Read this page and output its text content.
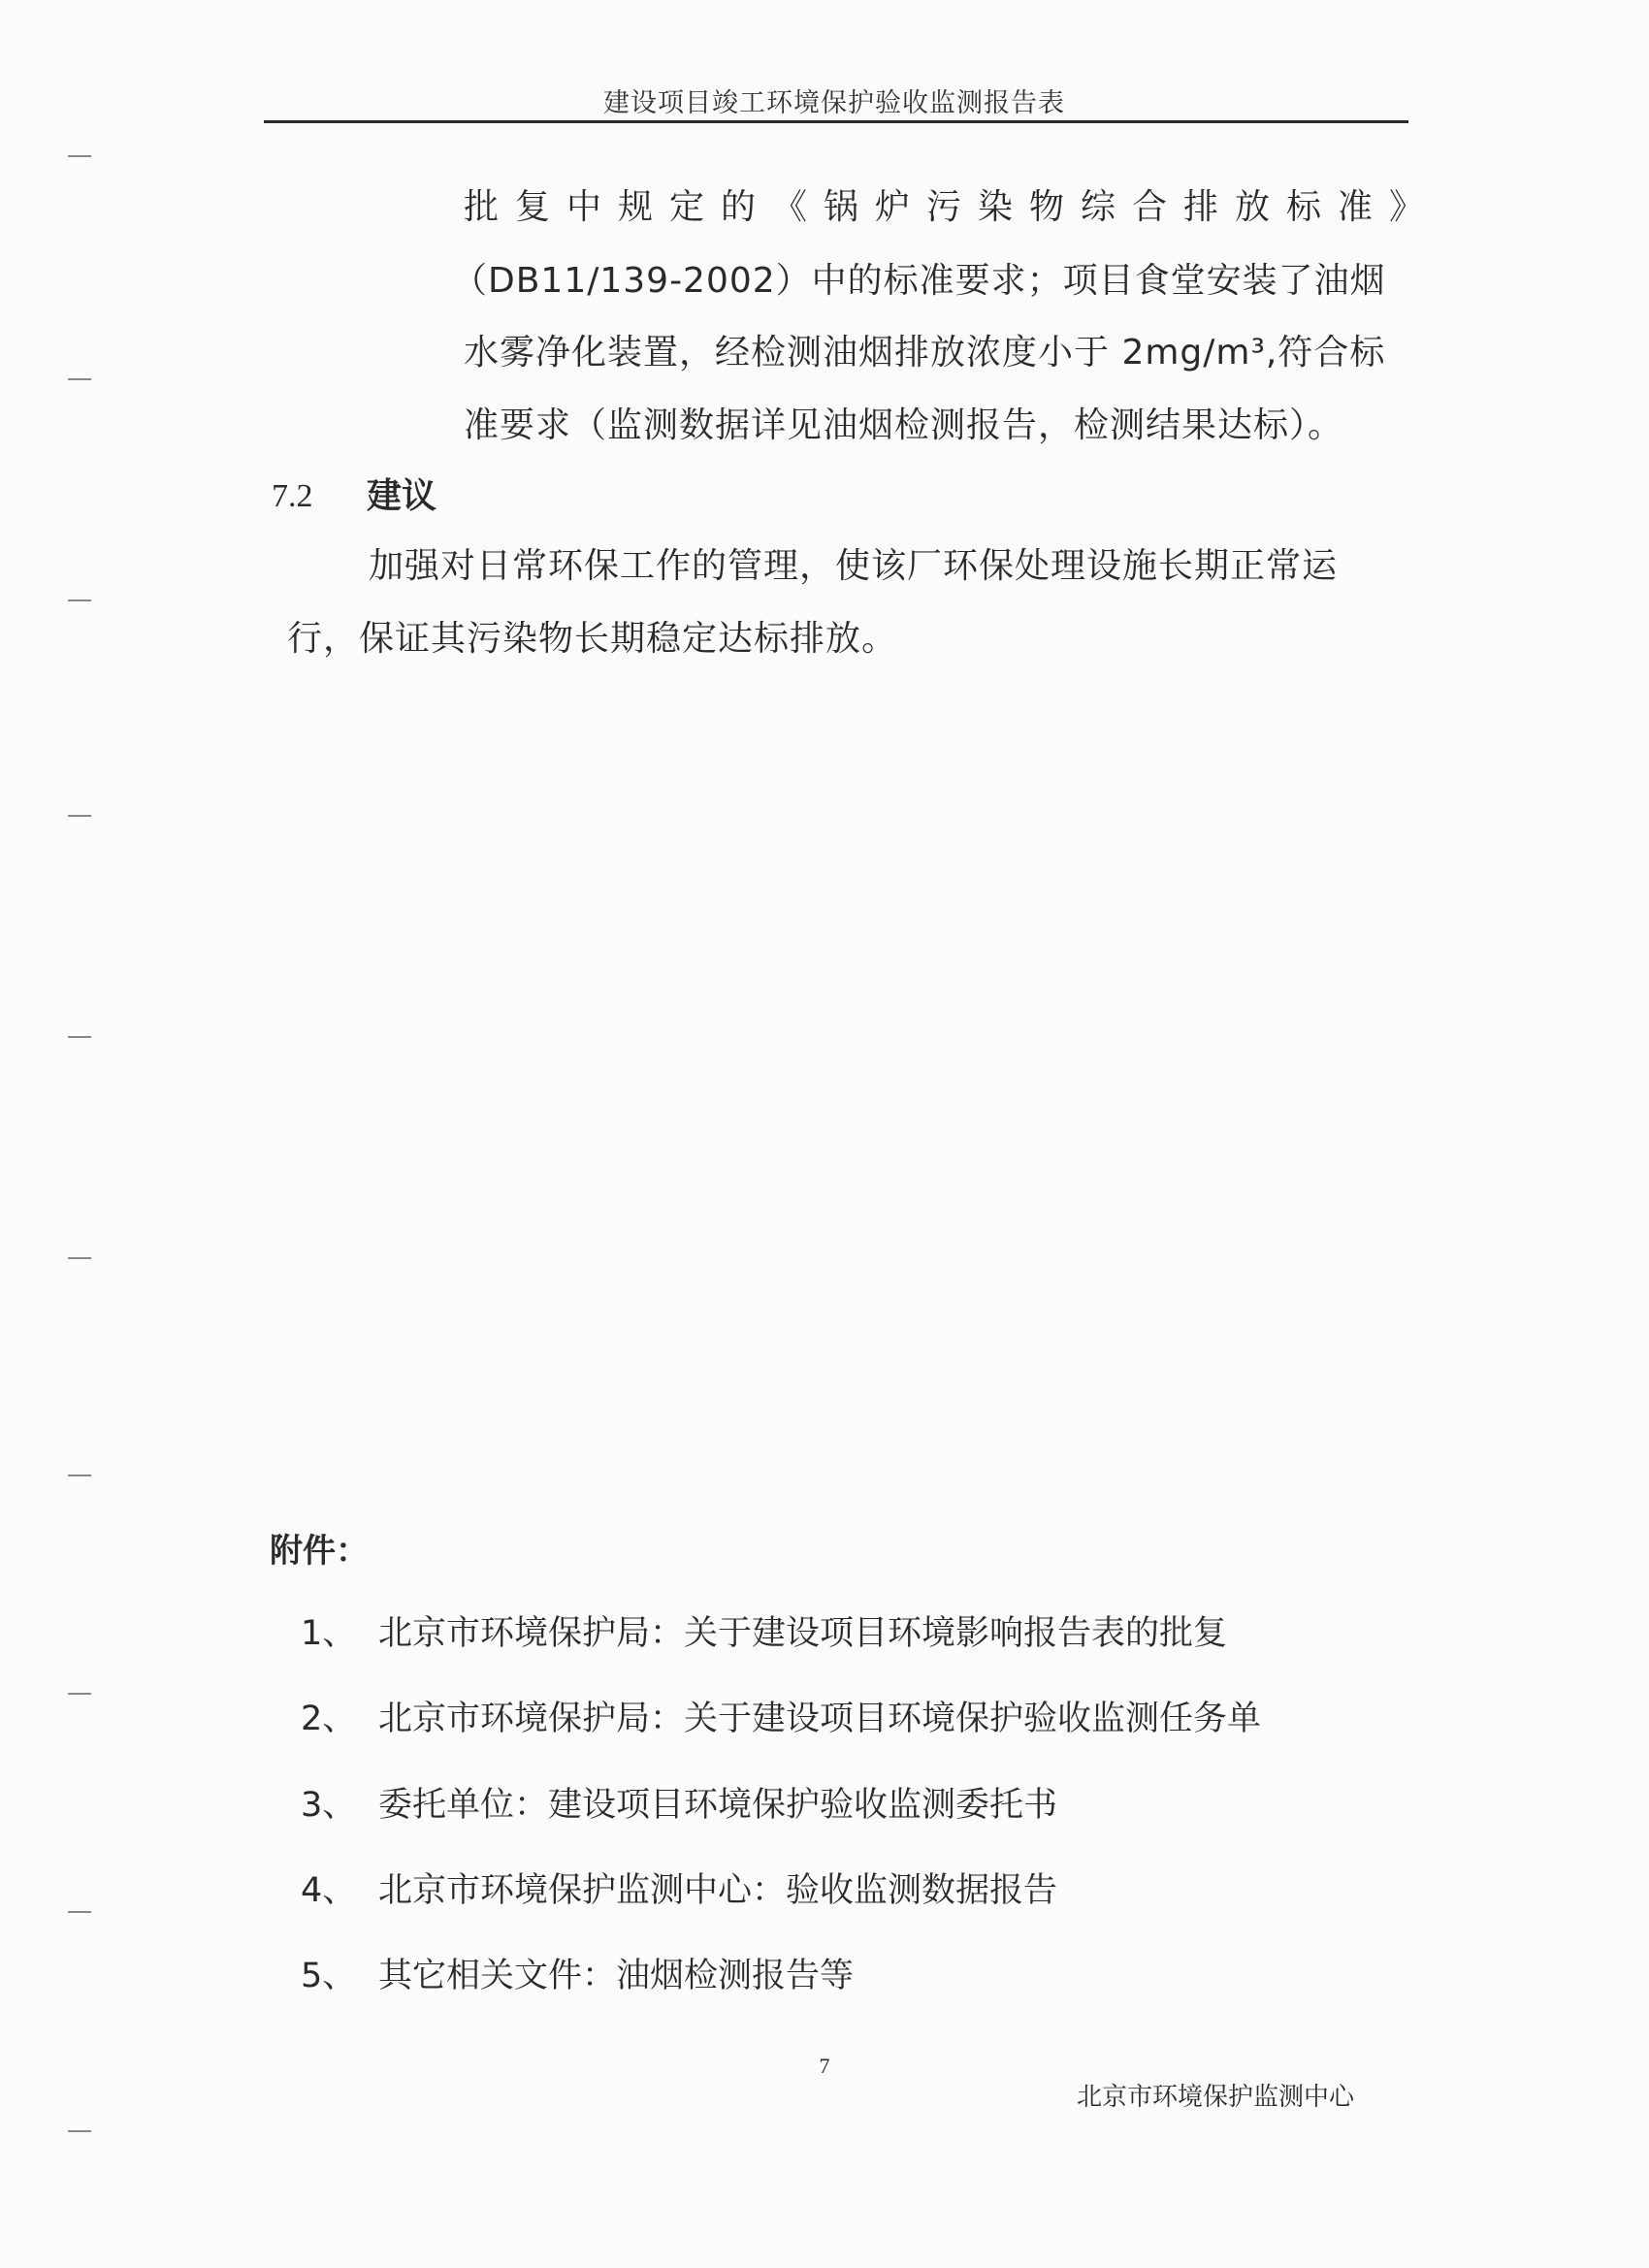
建设项目竣工环境保护验收监测报告表
批复中规定的《锅炉污染物综合排放标准》
（DB11/139-2002）中的标准要求；项目食堂安装了油烟
水雾净化装置，经检测油烟排放浓度小于 2mg/m³,符合标
准要求（监测数据详见油烟检测报告，检测结果达标）。
7.2 建议
加强对日常环保工作的管理，使该厂环保处理设施长期正常运
行，保证其污染物长期稳定达标排放。
附件：
1、 北京市环境保护局：关于建设项目环境影响报告表的批复
2、 北京市环境保护局：关于建设项目环境保护验收监测任务单
3、 委托单位：建设项目环境保护验收监测委托书
4、 北京市环境保护监测中心：验收监测数据报告
5、 其它相关文件：油烟检测报告等
7
北京市环境保护监测中心
